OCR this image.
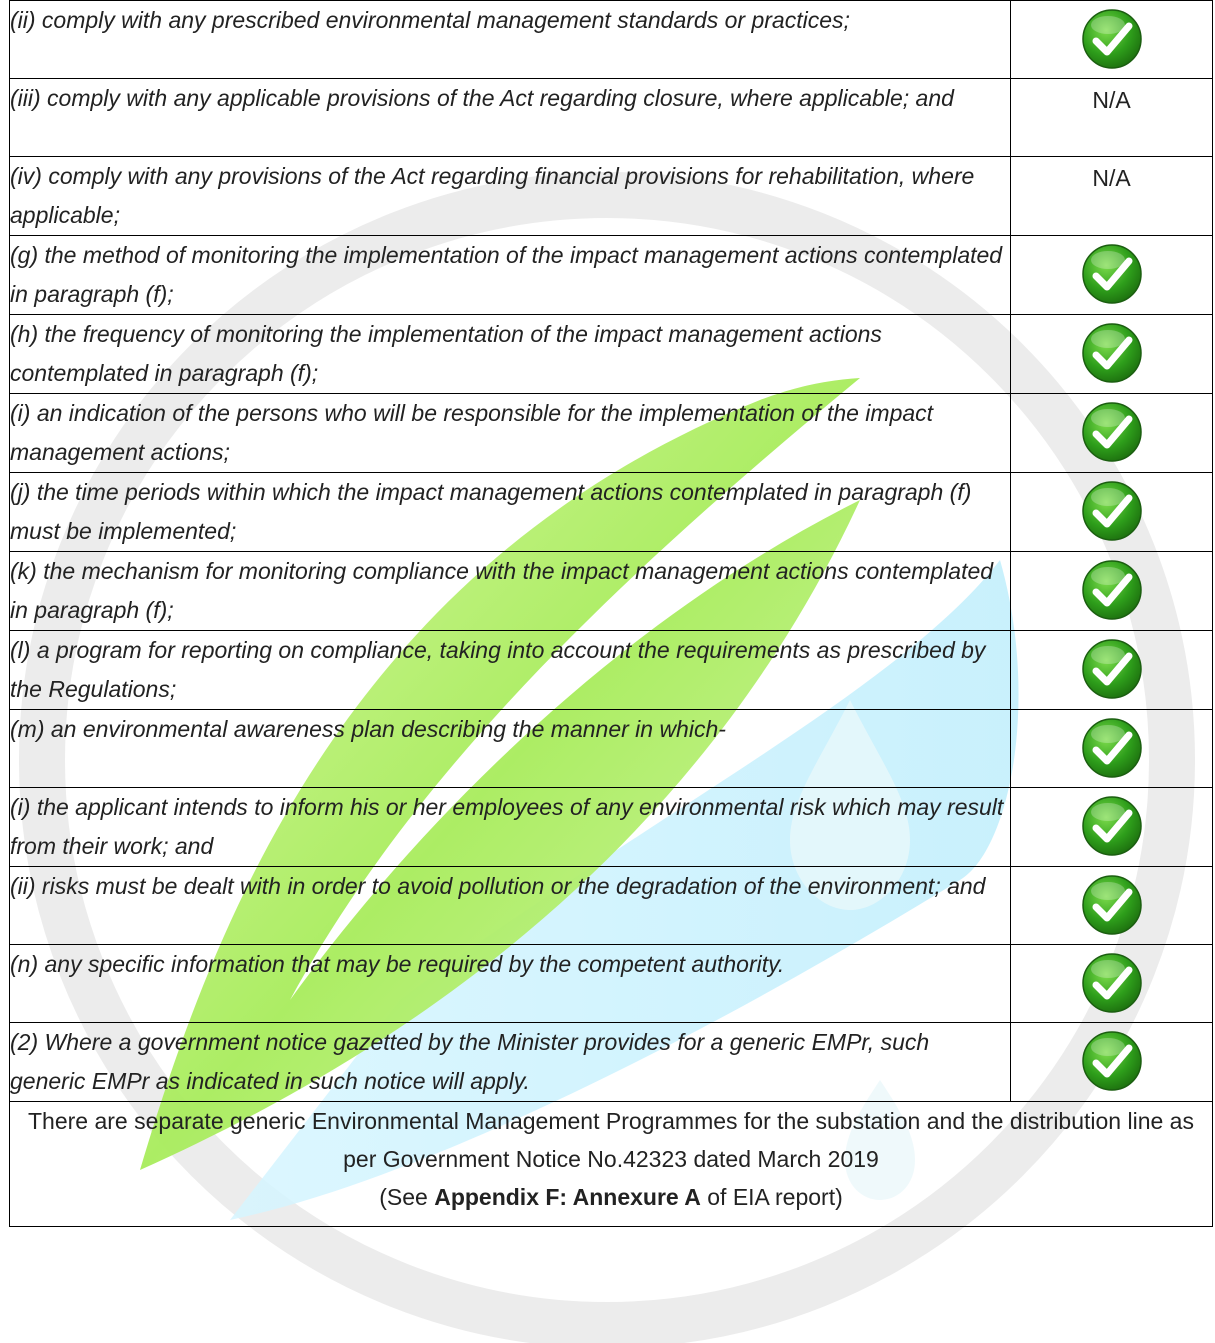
(ii) comply with any prescribed environmental management standards or practices;	

(iii) comply with any applicable provisions of the Act regarding closure, where applicable; and	N/A

(iv) comply with any provisions of the Act regarding financial provisions for rehabilitation, where applicable;	N/A

(g) the method of monitoring the implementation of the impact management actions contemplated in paragraph (f);	

(h) the frequency of monitoring the implementation of the impact management actions contemplated in paragraph (f);	

(i) an indication of the persons who will be responsible for the implementation of the impact management actions;	

(j) the time periods within which the impact management actions contemplated in paragraph (f) must be implemented;	

(k) the mechanism for monitoring compliance with the impact management actions contemplated in paragraph (f);	

(l) a program for reporting on compliance, taking into account the requirements as prescribed by the Regulations;	

(m) an environmental awareness plan describing the manner in which-	

(i) the applicant intends to inform his or her employees of any environmental risk which may result from their work; and	

(ii) risks must be dealt with in order to avoid pollution or the degradation of the environment; and	

(n) any specific information that may be required by the competent authority.	

(2) Where a government notice gazetted by the Minister provides for a generic EMPr, such generic EMPr as indicated in such notice will apply.	

There are separate generic Environmental Management Programmes for the substation and the distribution line as per Government Notice No.42323 dated March 2019
(See Appendix F: Annexure A of EIA report)	
